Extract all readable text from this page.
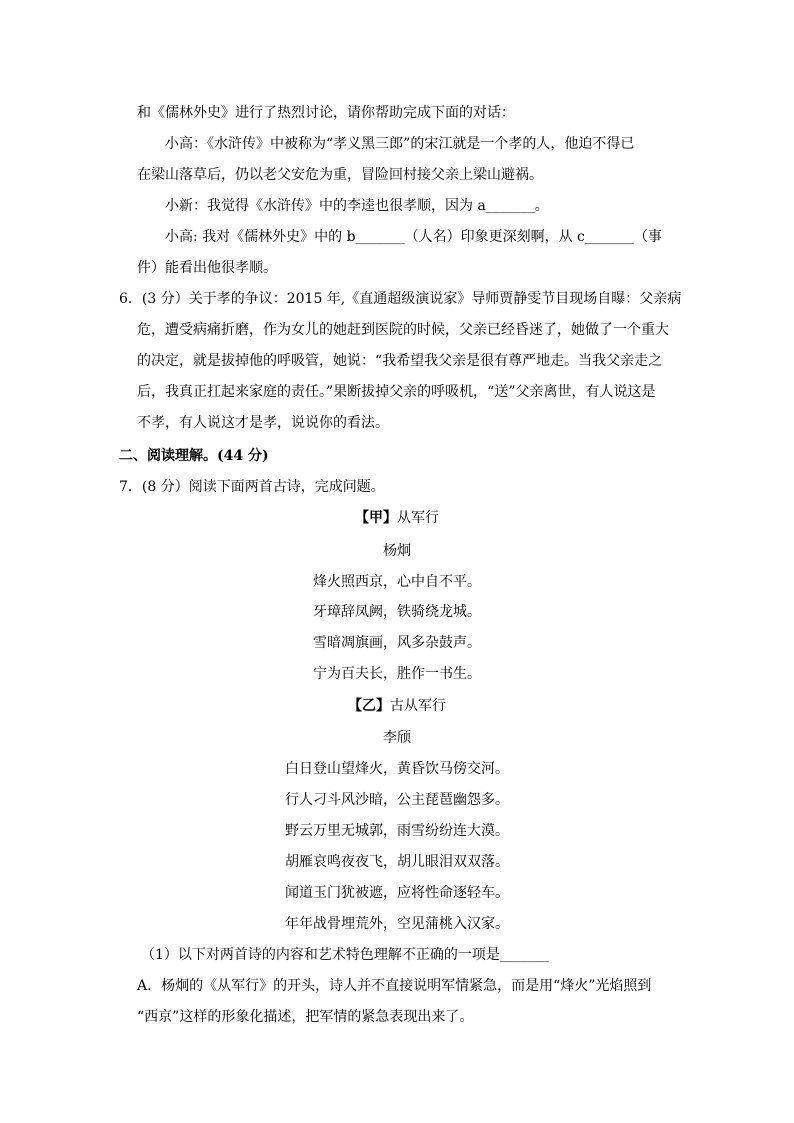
和《儒林外史》进行了热烈讨论，请你帮助完成下面的对话：
小高：《水浒传》中被称为“孝义黑三郎”的宋江就是一个孝的人，他迫不得已
在梁山落草后，仍以老父安危为重，冒险回村接父亲上梁山避祸。
小新：我觉得《水浒传》中的李逵也很孝顺，因为 a_______。
小高: 我对《儒林外史》中的 b_______（人名）印象更深刻啊，从 c_______（事
件）能看出他很孝顺。
6．(3 分）关于孝的争议：2015 年,《直通超级演说家》导师贾静雯节目现场自曝：父亲病
危，遭受病痛折磨，作为女儿的她赶到医院的时候，父亲已经昏迷了，她做了一个重大
的决定，就是拔掉他的呼吸管，她说：“我希望我父亲是很有尊严地走。当我父亲走之
后，我真正扛起来家庭的责任。”果断拔掉父亲的呼吸机，“送”父亲离世，有人说这是
不孝，有人说这才是孝，说说你的看法。
二、阅读理解。(44 分)
7．(8 分）阅读下面两首古诗，完成问题。
【甲】从军行
杨炯
烽火照西京，心中自不平。
牙璋辞凤阙，铁骑绕龙城。
雪暗凋旗画，风多杂鼓声。
宁为百夫长，胜作一书生。
【乙】古从军行
李颀
白日登山望烽火，黄昏饮马傍交河。
行人刁斗风沙暗，公主琵琶幽怨多。
野云万里无城郭，雨雪纷纷连大漠。
胡雁哀鸣夜夜飞，胡儿眼泪双双落。
闻道玉门犹被遮，应将性命逐轻车。
年年战骨埋荒外，空见蒲桃入汉家。
（1）以下对两首诗的内容和艺术特色理解不正确的一项是_______
A．杨炯的《从军行》的开头，诗人并不直接说明军情紧急，而是用“烽火”光焰照到
“西京”这样的形象化描述，把军情的紧急表现出来了。
